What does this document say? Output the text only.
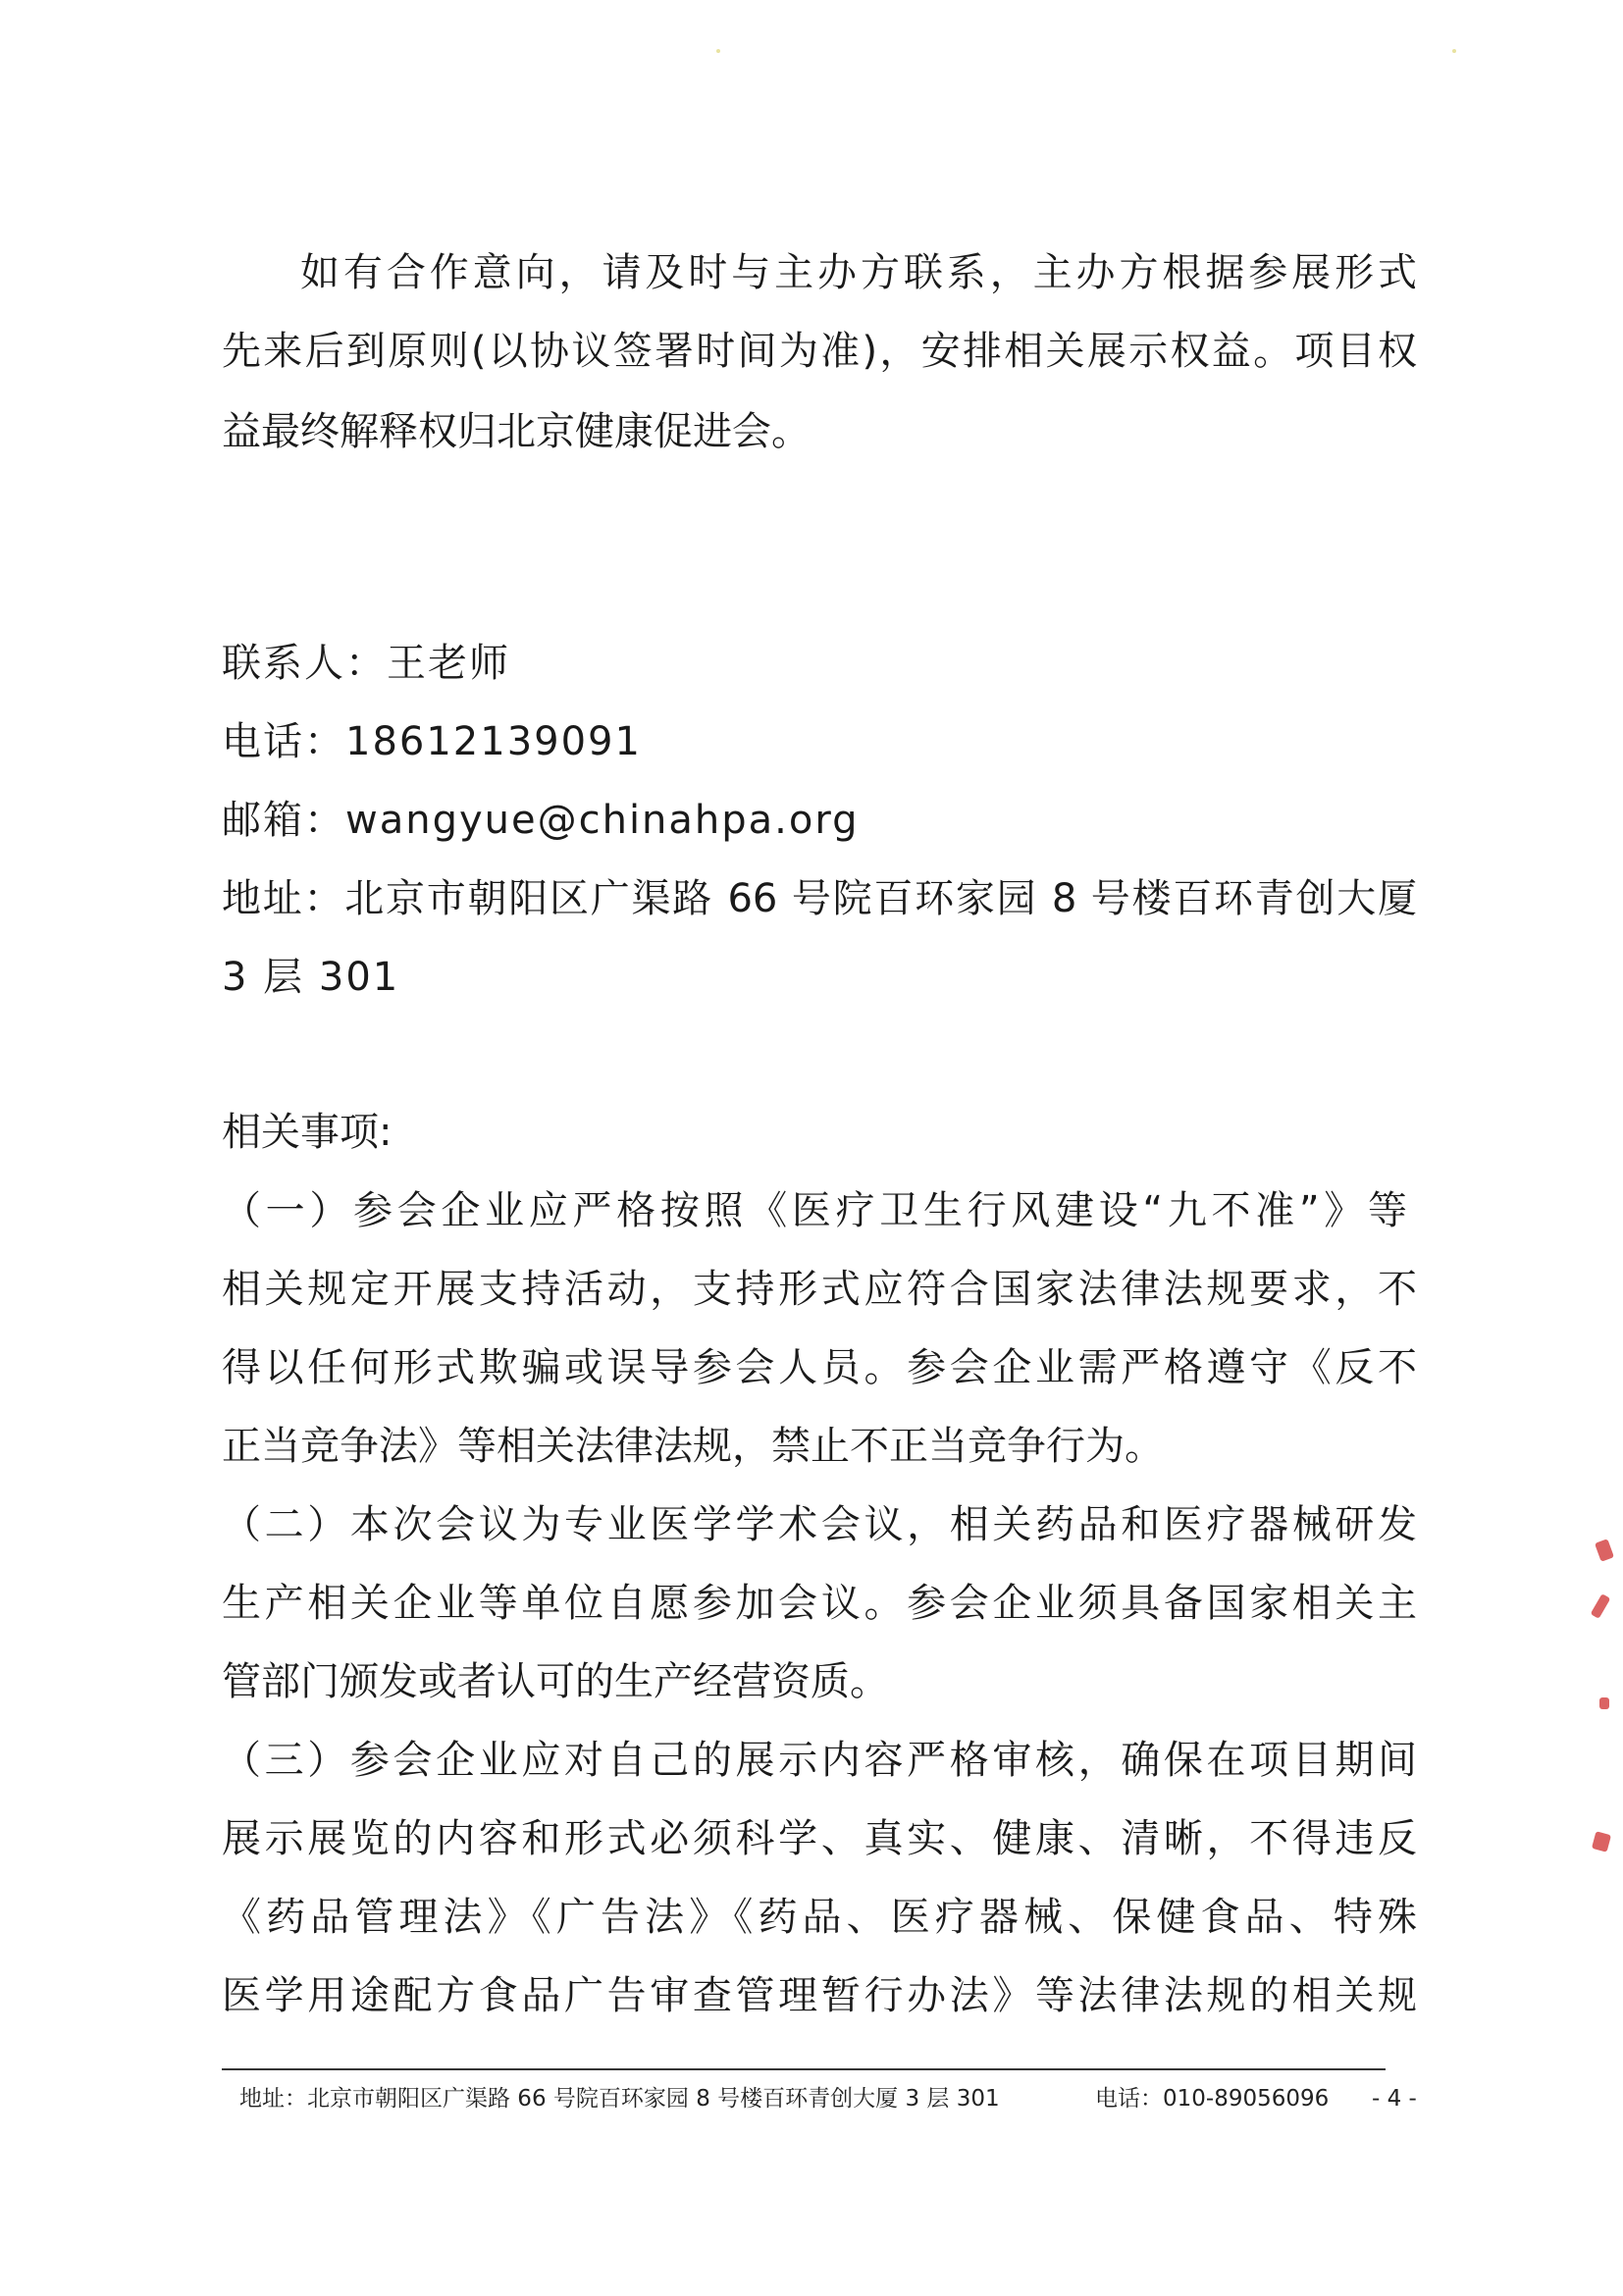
如有合作意向，请及时与主办方联系，主办方根据参展形式
先来后到原则(以协议签署时间为准)，安排相关展示权益。项目权
益最终解释权归北京健康促进会。
联系人：王老师
电话：18612139091
邮箱：wangyue@chinahpa.org
地址：北京市朝阳区广渠路 66 号院百环家园 8 号楼百环青创大厦
3 层 301
相关事项:
（一）参会企业应严格按照《医疗卫生行风建设“九不准”》等
相关规定开展支持活动，支持形式应符合国家法律法规要求，不
得以任何形式欺骗或误导参会人员。参会企业需严格遵守《反不
正当竞争法》等相关法律法规，禁止不正当竞争行为。
（二）本次会议为专业医学学术会议，相关药品和医疗器械研发
生产相关企业等单位自愿参加会议。参会企业须具备国家相关主
管部门颁发或者认可的生产经营资质。
（三）参会企业应对自己的展示内容严格审核，确保在项目期间
展示展览的内容和形式必须科学、真实、健康、清晰，不得违反
《药品管理法》《广告法》《药品、医疗器械、保健食品、特殊
医学用途配方食品广告审查管理暂行办法》等法律法规的相关规
地址：北京市朝阳区广渠路 66 号院百环家园 8 号楼百环青创大厦 3 层 301	电话：010-89056096 - 4 -
